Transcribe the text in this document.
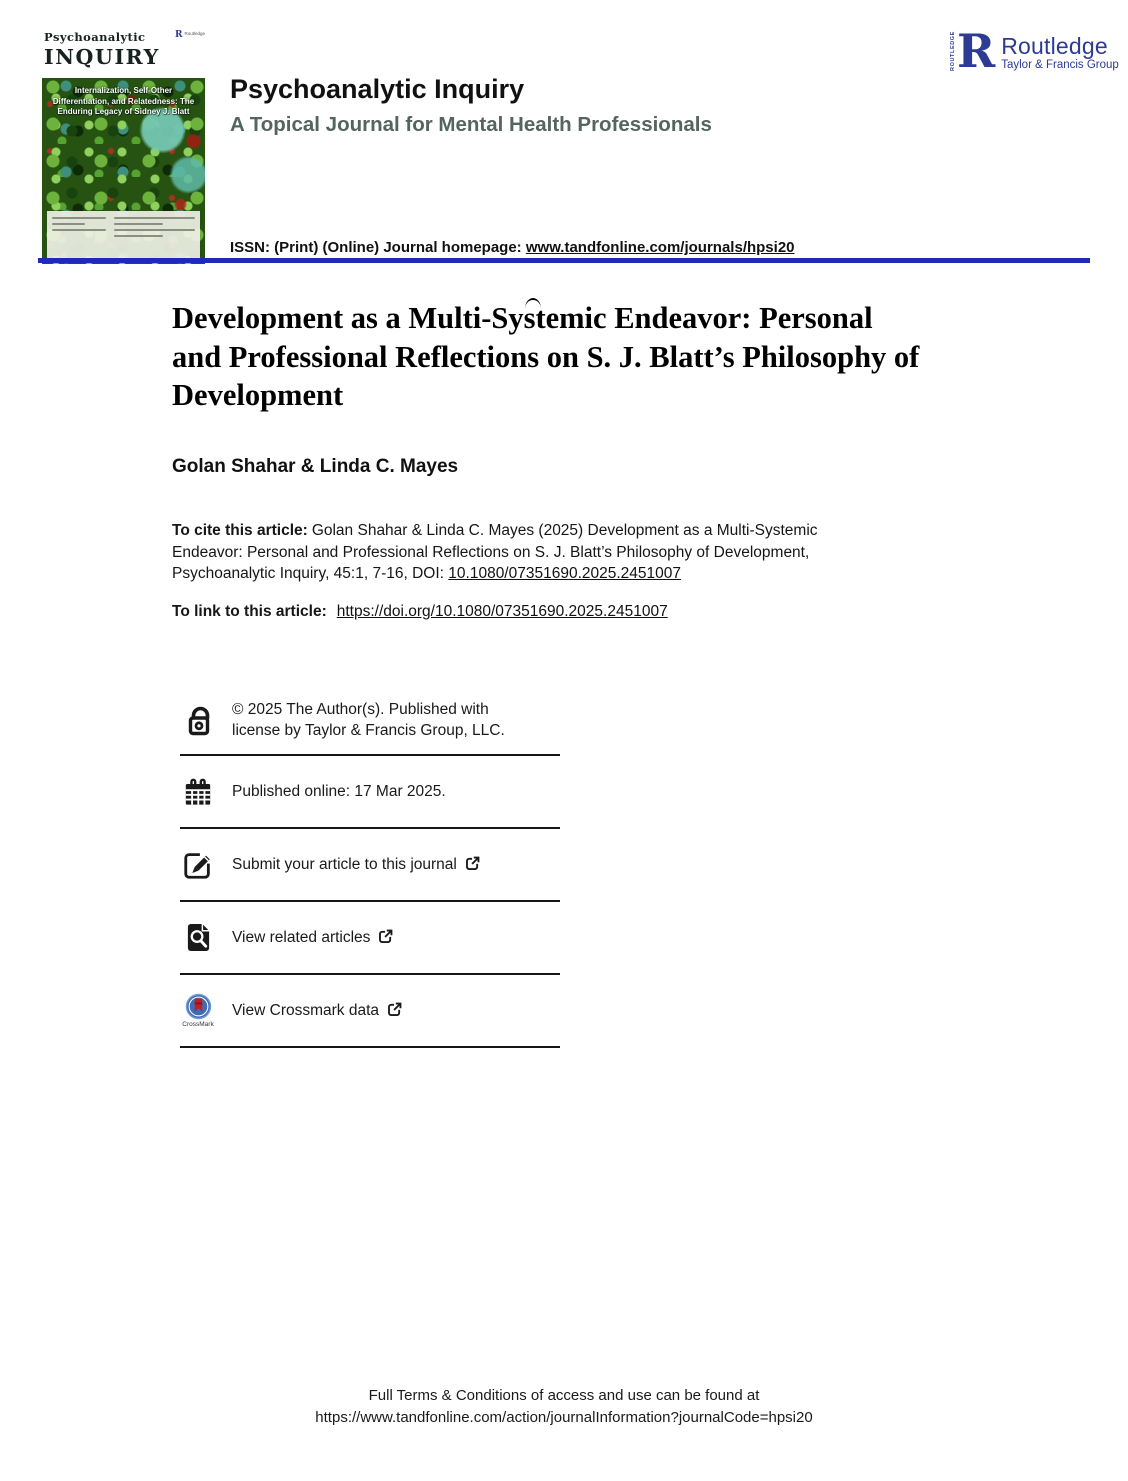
Psychoanalytic
INQUIRY
R Routledge
Internalization, Self-Other Differentiation, and Relatedness: The Enduring Legacy of Sidney J. Blatt
ROUTLEDGE R Routledge
Taylor & Francis Group
Psychoanalytic Inquiry
A Topical Journal for Mental Health Professionals
ISSN: (Print) (Online) Journal homepage: www.tandfonline.com/journals/hpsi20
Development as a Multi-Systemic Endeavor: Personal
and Professional Reflections on S. J. Blatt’s Philosophy of
Development
Golan Shahar & Linda C. Mayes

To cite this article: Golan Shahar & Linda C. Mayes (2025) Development as a Multi-Systemic Endeavor: Personal and Professional Reflections on S. J. Blatt’s Philosophy of Development, Psychoanalytic Inquiry, 45:1, 7-16, DOI: 10.1080/07351690.2025.2451007

To link to this article: https://doi.org/10.1080/07351690.2025.2451007

© 2025 The Author(s). Published with license by Taylor & Francis Group, LLC.
Published online: 17 Mar 2025.
Submit your article to this journal
View related articles
CrossMark
View Crossmark data
Full Terms & Conditions of access and use can be found at
https://www.tandfonline.com/action/journalInformation?journalCode=hpsi20
